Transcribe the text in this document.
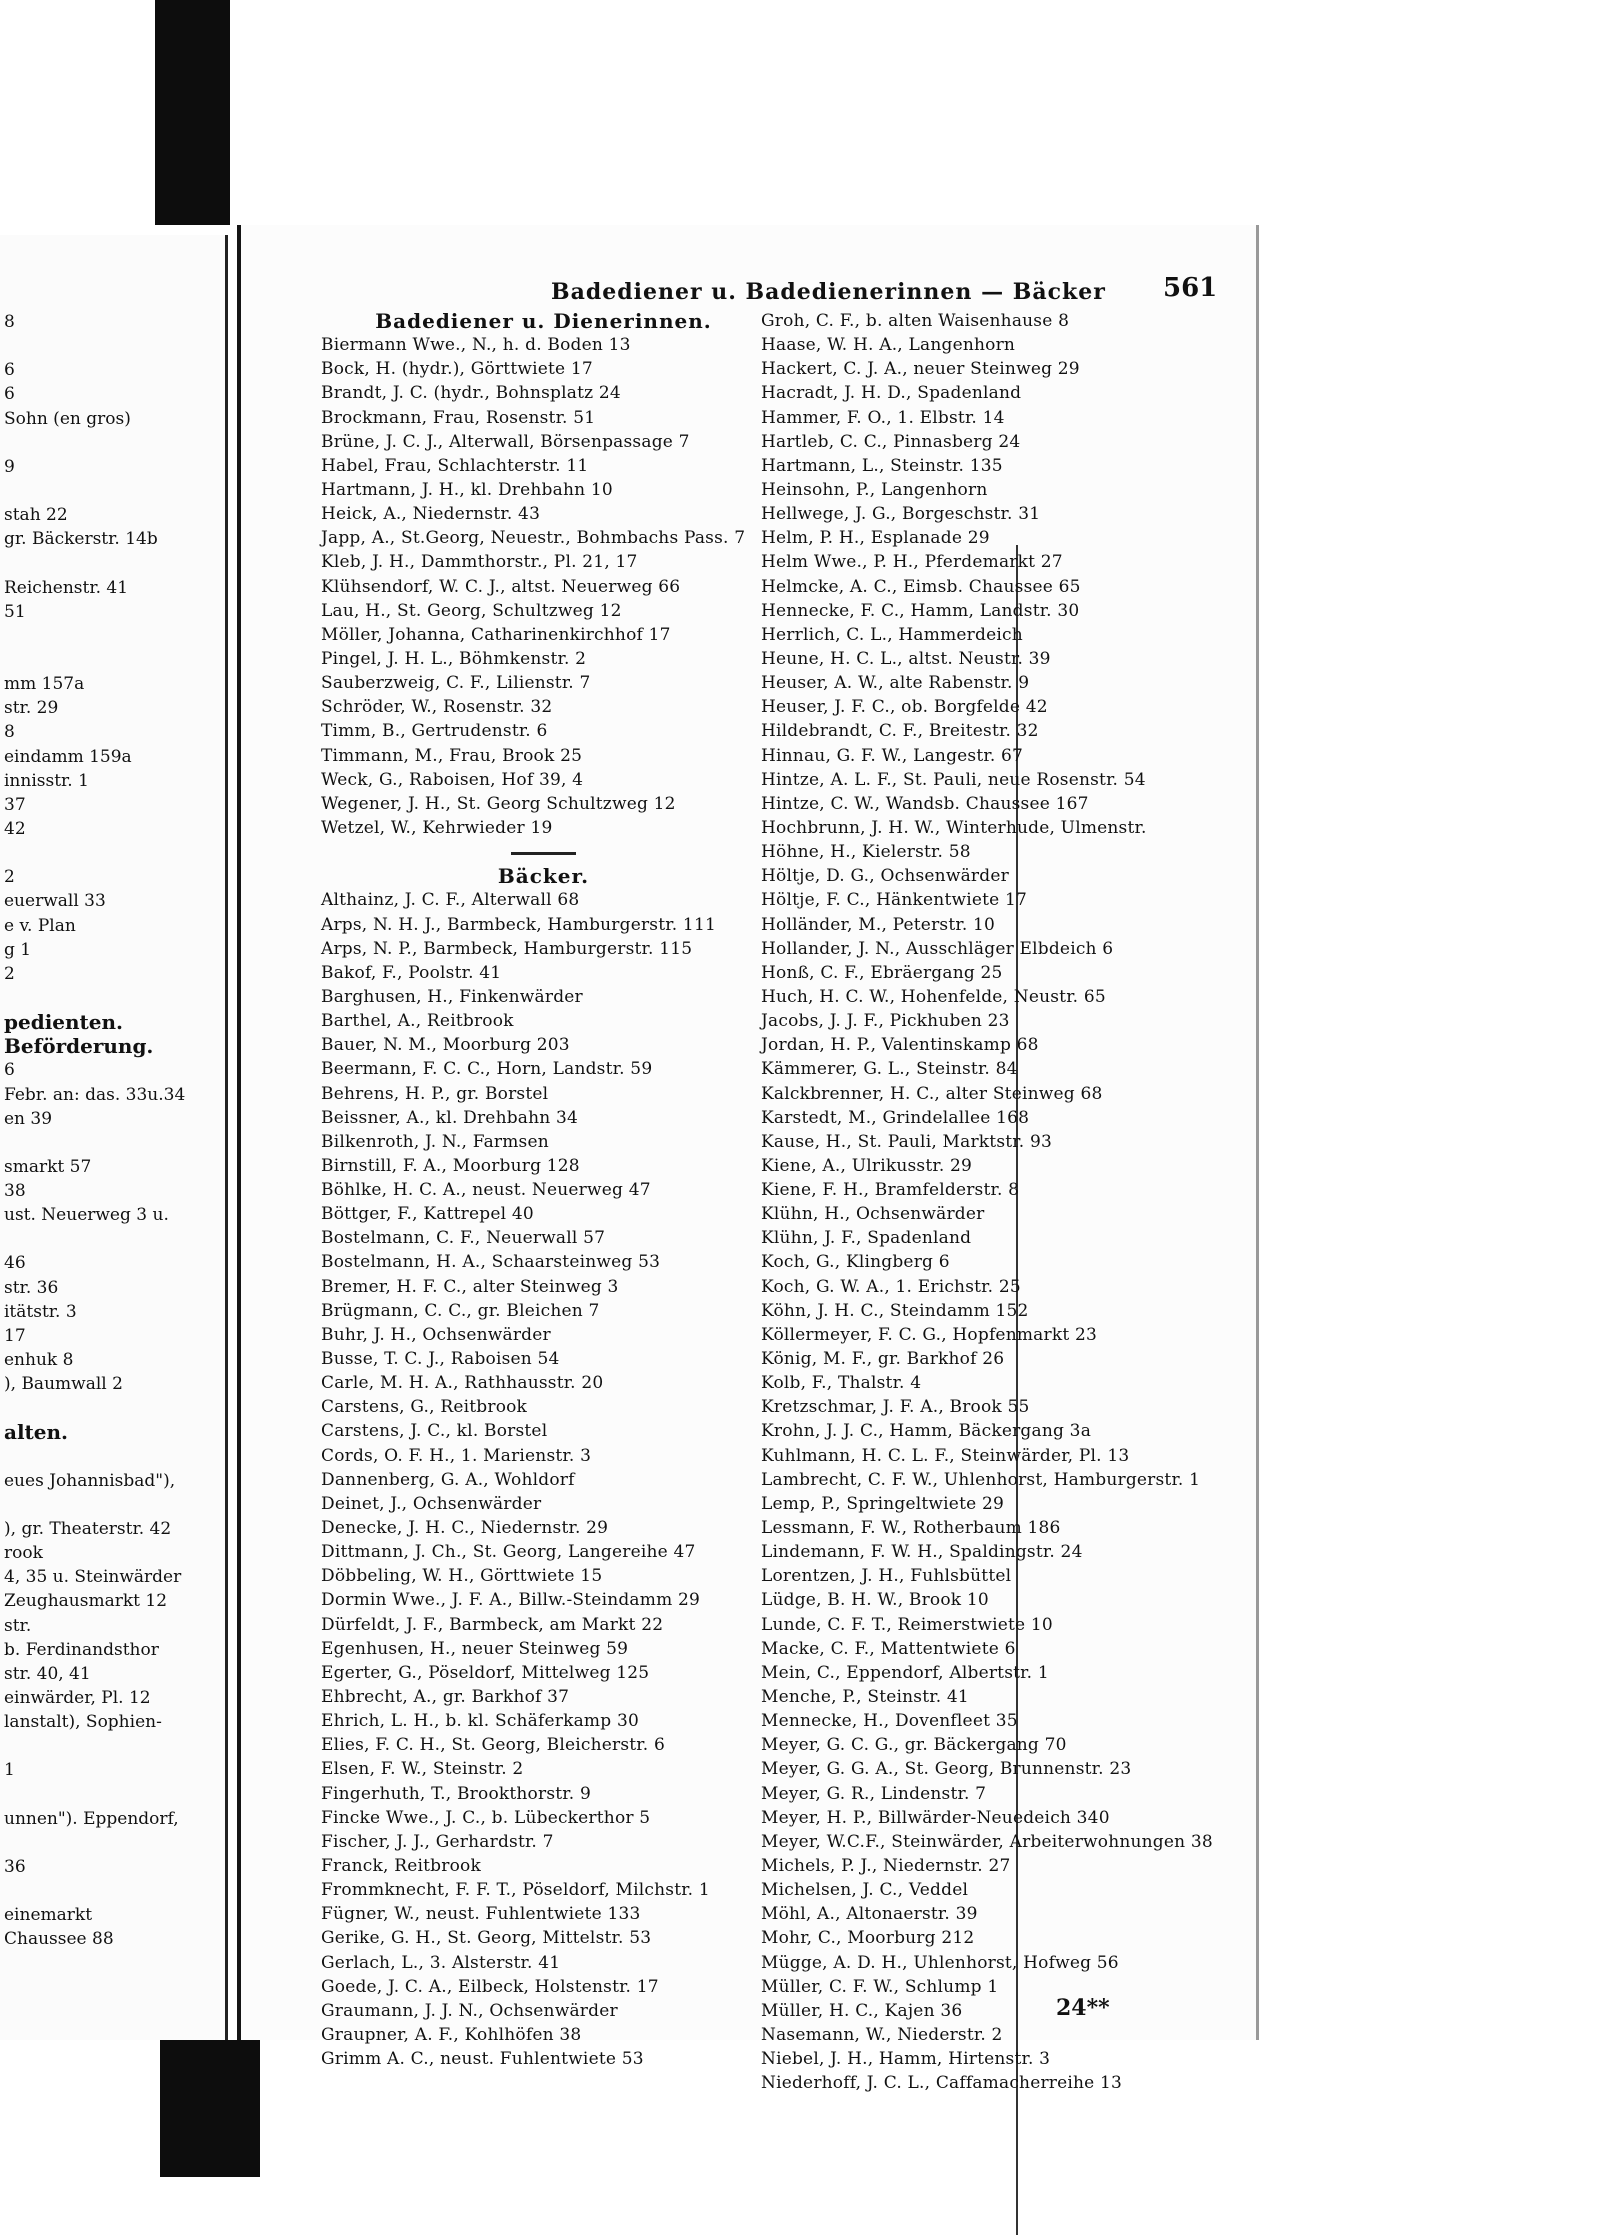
8
6
6
Sohn (en gros)
9
stah 22
gr. Bäckerstr. 14b
Reichenstr. 41
51
mm 157a
str. 29
8
eindamm 159a
innisstr. 1
37
42
2
euerwall 33
e v. Plan
g 1
2
pedienten.
Beförderung.
6
Febr. an: das. 33u.34
en 39
smarkt 57
38
ust. Neuerweg 3 u.
46
str. 36
itätstr. 3
17
enhuk 8
), Baumwall 2
alten.
eues Johannisbad"),
), gr. Theaterstr. 42
rook
4, 35 u. Steinwärder
Zeughausmarkt 12
str.
b. Ferdinandsthor
str. 40, 41
einwärder, Pl. 12
lanstalt), Sophien-
1
unnen"). Eppendorf,
36
einemarkt
Chaussee 88
Badediener u. Badedienerinnen — Bäcker 561
Badediener u. Dienerinnen.
Biermann Wwe., N., h. d. Boden 13
Bock, H. (hydr.), Görttwiete 17
Brandt, J. C. (hydr., Bohnsplatz 24
Brockmann, Frau, Rosenstr. 51
Brüne, J. C. J., Alterwall, Börsenpassage 7
Habel, Frau, Schlachterstr. 11
Hartmann, J. H., kl. Drehbahn 10
Heick, A., Niedernstr. 43
Japp, A., St.Georg, Neuestr., Bohmbachs Pass. 7
Kleb, J. H., Dammthorstr., Pl. 21, 17
Klühsendorf, W. C. J., altst. Neuerweg 66
Lau, H., St. Georg, Schultzweg 12
Möller, Johanna, Catharinenkirchhof 17
Pingel, J. H. L., Böhmkenstr. 2
Sauberzweig, C. F., Lilienstr. 7
Schröder, W., Rosenstr. 32
Timm, B., Gertrudenstr. 6
Timmann, M., Frau, Brook 25
Weck, G., Raboisen, Hof 39, 4
Wegener, J. H., St. Georg Schultzweg 12
Wetzel, W., Kehrwieder 19
Bäcker.
Althainz, J. C. F., Alterwall 68
Arps, N. H. J., Barmbeck, Hamburgerstr. 111
Arps, N. P., Barmbeck, Hamburgerstr. 115
Bakof, F., Poolstr. 41
Barghusen, H., Finkenwärder
Barthel, A., Reitbrook
Bauer, N. M., Moorburg 203
Beermann, F. C. C., Horn, Landstr. 59
Behrens, H. P., gr. Borstel
Beissner, A., kl. Drehbahn 34
Bilkenroth, J. N., Farmsen
Birnstill, F. A., Moorburg 128
Böhlke, H. C. A., neust. Neuerweg 47
Böttger, F., Kattrepel 40
Bostelmann, C. F., Neuerwall 57
Bostelmann, H. A., Schaarsteinweg 53
Bremer, H. F. C., alter Steinweg 3
Brügmann, C. C., gr. Bleichen 7
Buhr, J. H., Ochsenwärder
Busse, T. C. J., Raboisen 54
Carle, M. H. A., Rathhausstr. 20
Carstens, G., Reitbrook
Carstens, J. C., kl. Borstel
Cords, O. F. H., 1. Marienstr. 3
Dannenberg, G. A., Wohldorf
Deinet, J., Ochsenwärder
Denecke, J. H. C., Niedernstr. 29
Dittmann, J. Ch., St. Georg, Langereihe 47
Döbbeling, W. H., Görttwiete 15
Dormin Wwe., J. F. A., Billw.-Steindamm 29
Dürfeldt, J. F., Barmbeck, am Markt 22
Egenhusen, H., neuer Steinweg 59
Egerter, G., Pöseldorf, Mittelweg 125
Ehbrecht, A., gr. Barkhof 37
Ehrich, L. H., b. kl. Schäferkamp 30
Elies, F. C. H., St. Georg, Bleicherstr. 6
Elsen, F. W., Steinstr. 2
Fingerhuth, T., Brookthorstr. 9
Fincke Wwe., J. C., b. Lübeckerthor 5
Fischer, J. J., Gerhardstr. 7
Franck, Reitbrook
Frommknecht, F. F. T., Pöseldorf, Milchstr. 1
Fügner, W., neust. Fuhlentwiete 133
Gerike, G. H., St. Georg, Mittelstr. 53
Gerlach, L., 3. Alsterstr. 41
Goede, J. C. A., Eilbeck, Holstenstr. 17
Graumann, J. J. N., Ochsenwärder
Graupner, A. F., Kohlhöfen 38
Grimm A. C., neust. Fuhlentwiete 53
Groh, C. F., b. alten Waisenhause 8
Haase, W. H. A., Langenhorn
Hackert, C. J. A., neuer Steinweg 29
Hacradt, J. H. D., Spadenland
Hammer, F. O., 1. Elbstr. 14
Hartleb, C. C., Pinnasberg 24
Hartmann, L., Steinstr. 135
Heinsohn, P., Langenhorn
Hellwege, J. G., Borgeschstr. 31
Helm, P. H., Esplanade 29
Helm Wwe., P. H., Pferdemarkt 27
Helmcke, A. C., Eimsb. Chaussee 65
Hennecke, F. C., Hamm, Landstr. 30
Herrlich, C. L., Hammerdeich
Heune, H. C. L., altst. Neustr. 39
Heuser, A. W., alte Rabenstr. 9
Heuser, J. F. C., ob. Borgfelde 42
Hildebrandt, C. F., Breitestr. 32
Hinnau, G. F. W., Langestr. 67
Hintze, A. L. F., St. Pauli, neue Rosenstr. 54
Hintze, C. W., Wandsb. Chaussee 167
Hochbrunn, J. H. W., Winterhude, Ulmenstr.
Höhne, H., Kielerstr. 58
Höltje, D. G., Ochsenwärder
Höltje, F. C., Hänkentwiete 17
Holländer, M., Peterstr. 10
Hollander, J. N., Ausschläger Elbdeich 6
Honß, C. F., Ebräergang 25
Huch, H. C. W., Hohenfelde, Neustr. 65
Jacobs, J. J. F., Pickhuben 23
Jordan, H. P., Valentinskamp 68
Kämmerer, G. L., Steinstr. 84
Kalckbrenner, H. C., alter Steinweg 68
Karstedt, M., Grindelallee 168
Kause, H., St. Pauli, Marktstr. 93
Kiene, A., Ulrikusstr. 29
Kiene, F. H., Bramfelderstr. 8
Klühn, H., Ochsenwärder
Klühn, J. F., Spadenland
Koch, G., Klingberg 6
Koch, G. W. A., 1. Erichstr. 25
Köhn, J. H. C., Steindamm 152
Köllermeyer, F. C. G., Hopfenmarkt 23
König, M. F., gr. Barkhof 26
Kolb, F., Thalstr. 4
Kretzschmar, J. F. A., Brook 55
Krohn, J. J. C., Hamm, Bäckergang 3a
Kuhlmann, H. C. L. F., Steinwärder, Pl. 13
Lambrecht, C. F. W., Uhlenhorst, Hamburgerstr. 1
Lemp, P., Springeltwiete 29
Lessmann, F. W., Rotherbaum 186
Lindemann, F. W. H., Spaldingstr. 24
Lorentzen, J. H., Fuhlsbüttel
Lüdge, B. H. W., Brook 10
Lunde, C. F. T., Reimerstwiete 10
Macke, C. F., Mattentwiete 6
Mein, C., Eppendorf, Albertstr. 1
Menche, P., Steinstr. 41
Mennecke, H., Dovenfleet 35
Meyer, G. C. G., gr. Bäckergang 70
Meyer, G. G. A., St. Georg, Brunnenstr. 23
Meyer, G. R., Lindenstr. 7
Meyer, H. P., Billwärder-Neuedeich 340
Meyer, W.C.F., Steinwärder, Arbeiterwohnungen 38
Michels, P. J., Niedernstr. 27
Michelsen, J. C., Veddel
Möhl, A., Altonaerstr. 39
Mohr, C., Moorburg 212
Mügge, A. D. H., Uhlenhorst, Hofweg 56
Müller, C. F. W., Schlump 1
Müller, H. C., Kajen 36
Nasemann, W., Niederstr. 2
Niebel, J. H., Hamm, Hirtenstr. 3
Niederhoff, J. C. L., Caffamacherreihe 13
24**
